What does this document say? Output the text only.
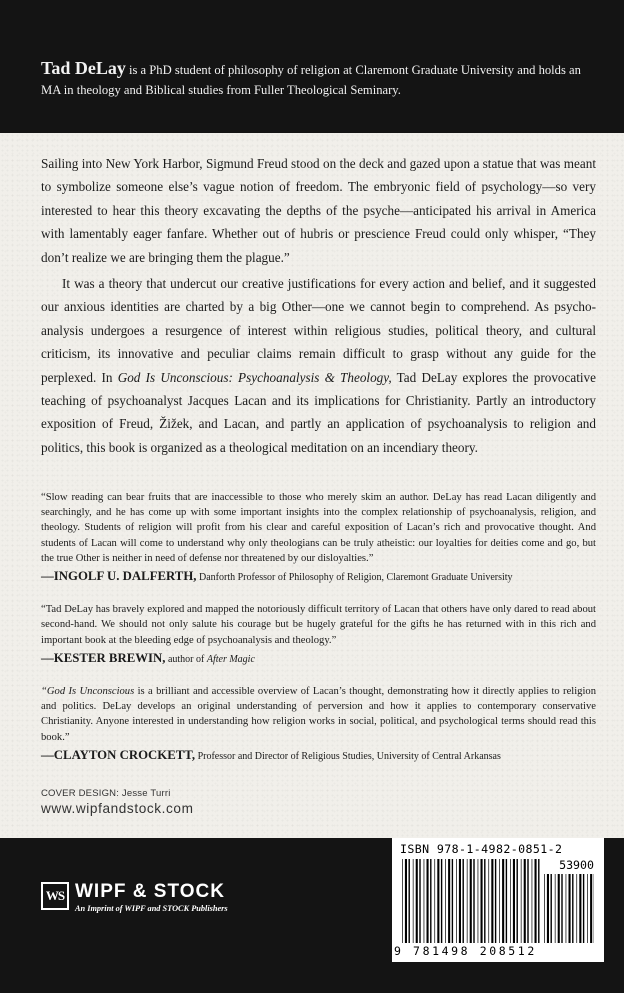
Tad DeLay is a PhD student of philosophy of religion at Claremont Graduate University and holds an MA in theology and Biblical studies from Fuller Theological Seminary.

Sailing into New York Harbor, Sigmund Freud stood on the deck and gazed upon a statue that was meant to symbolize someone else’s vague notion of freedom. The embryonic field of psychology—so very interested to hear this theory excavating the depths of the psyche—anticipated his arrival in America with lamentably eager fanfare. Whether out of hubris or prescience Freud could only whisper, “They don’t realize we are bringing them the plague.”

It was a theory that undercut our creative justifications for every action and belief, and it suggested our anxious identities are charted by a big Other—one we cannot begin to comprehend. As psychoanalysis undergoes a resurgence of interest within religious studies, political theory, and cultural criticism, its innovative and peculiar claims remain difficult to grasp without any guide for the perplexed. In God Is Unconscious: Psychoanalysis & Theology, Tad DeLay explores the provocative teaching of psychoanalyst Jacques Lacan and its implications for Christianity. Partly an introductory exposition of Freud, Žižek, and Lacan, and partly an application of psychoanalysis to religion and politics, this book is organized as a theological meditation on an incendiary theory.

“Slow reading can bear fruits that are inaccessible to those who merely skim an author. DeLay has read Lacan diligently and searchingly, and he has come up with some important insights into the complex relationship of psychoanalysis, religion, and theology. Students of religion will profit from his clear and careful exposition of Lacan’s rich and provocative thought. And students of Lacan will come to understand why only theologians can be truly atheistic: our loyalties for deities come and go, but the true Other is neither in need of defense nor threatened by our disloyalties.”

—INGOLF U. DALFERTH, Danforth Professor of Philosophy of Religion, Claremont Graduate University

“Tad DeLay has bravely explored and mapped the notoriously difficult territory of Lacan that others have only dared to read about second-hand. We should not only salute his courage but be hugely grateful for the gifts he has returned with in this rich and important book at the bleeding edge of psychoanalysis and theology.”

—KESTER BREWIN, author of After Magic

“God Is Unconscious is a brilliant and accessible overview of Lacan’s thought, demonstrating how it directly applies to religion and politics. DeLay develops an original understanding of perversion and how it applies to contemporary conservative Christianity. Anyone interested in understanding how religion works in social, political, and psychological terms should read this book.”

—CLAYTON CROCKETT, Professor and Director of Religious Studies, University of Central Arkansas
COVER DESIGN: Jesse Turri
www.wipfandstock.com
WS WIPF & STOCK
An Imprint of WIPF and STOCK Publishers
ISBN 978-1-4982-0851-2
53900
9 781498 208512
